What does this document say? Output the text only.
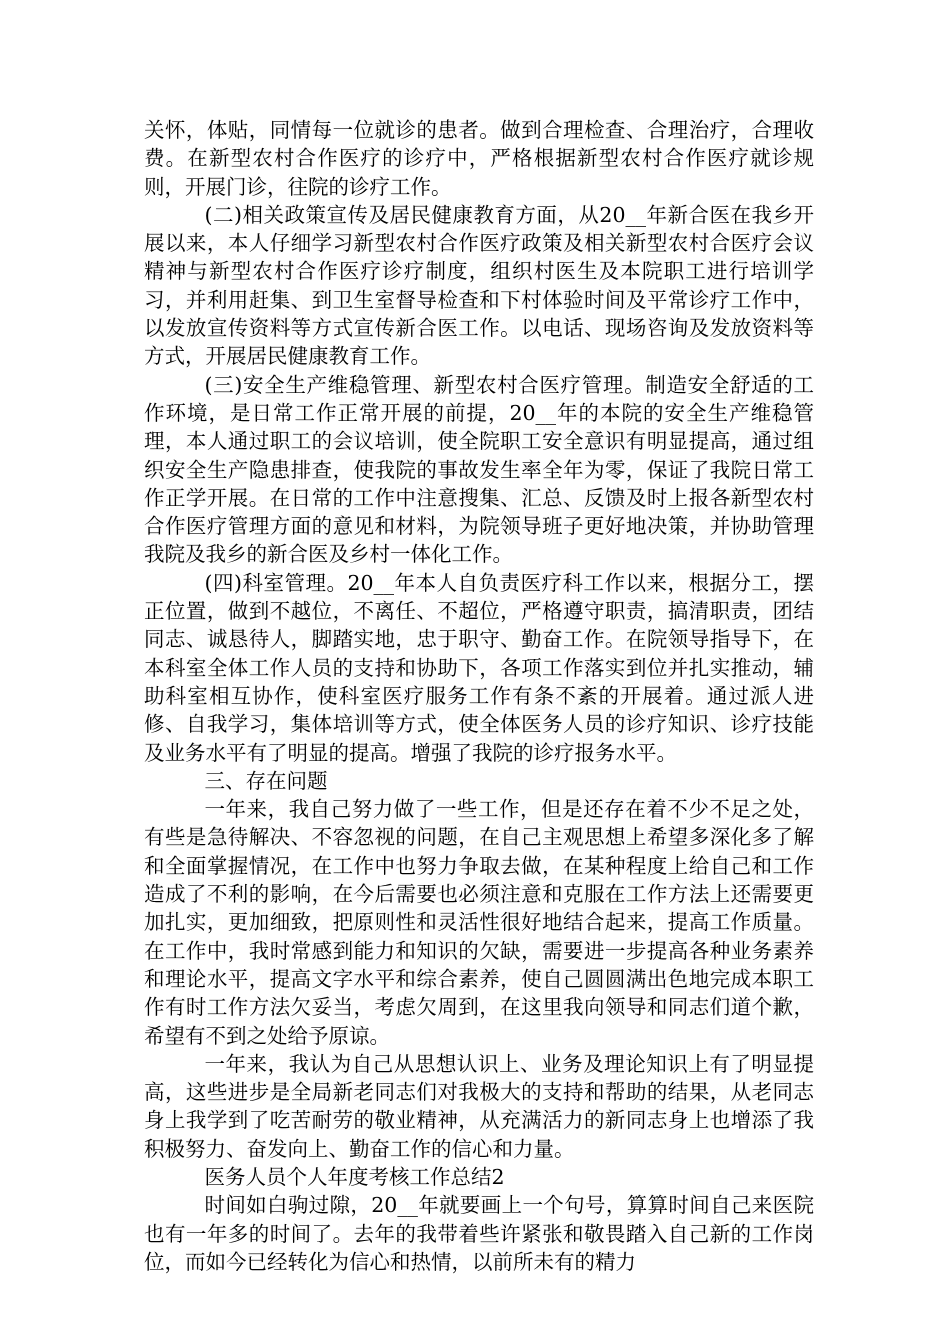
关怀，体贴，同情每一位就诊的患者。做到合理检查、合理治疗，合理收费。在新型农村合作医疗的诊疗中，严格根据新型农村合作医疗就诊规则，开展门诊，往院的诊疗工作。

(二)相关政策宣传及居民健康教育方面，从20__年新合医在我乡开展以来，本人仔细学习新型农村合作医疗政策及相关新型农村合医疗会议精神与新型农村合作医疗诊疗制度，组织村医生及本院职工进行培训学习，并利用赶集、到卫生室督导检查和下村体验时间及平常诊疗工作中，以发放宣传资料等方式宣传新合医工作。以电话、现场咨询及发放资料等方式，开展居民健康教育工作。

(三)安全生产维稳管理、新型农村合医疗管理。制造安全舒适的工作环境，是日常工作正常开展的前提，20__年的本院的安全生产维稳管理，本人通过职工的会议培训，使全院职工安全意识有明显提高，通过组织安全生产隐患排查，使我院的事故发生率全年为零，保证了我院日常工作正学开展。在日常的工作中注意搜集、汇总、反馈及时上报各新型农村合作医疗管理方面的意见和材料，为院领导班子更好地决策，并协助管理我院及我乡的新合医及乡村一体化工作。

(四)科室管理。20__年本人自负责医疗科工作以来，根据分工，摆正位置，做到不越位，不离任、不超位，严格遵守职责，搞清职责，团结同志、诚恳待人，脚踏实地，忠于职守、勤奋工作。在院领导指导下，在本科室全体工作人员的支持和协助下，各项工作落实到位并扎实推动，辅助科室相互协作，使科室医疗服务工作有条不紊的开展着。通过派人进修、自我学习，集体培训等方式，使全体医务人员的诊疗知识、诊疗技能及业务水平有了明显的提高。增强了我院的诊疗报务水平。

三、存在问题

一年来，我自己努力做了一些工作，但是还存在着不少不足之处，有些是急待解决、不容忽视的问题，在自己主观思想上希望多深化多了解和全面掌握情况，在工作中也努力争取去做，在某种程度上给自己和工作造成了不利的影响，在今后需要也必须注意和克服在工作方法上还需要更加扎实，更加细致，把原则性和灵活性很好地结合起来，提高工作质量。在工作中，我时常感到能力和知识的欠缺，需要进一步提高各种业务素养和理论水平，提高文字水平和综合素养，使自己圆圆满出色地完成本职工作有时工作方法欠妥当，考虑欠周到，在这里我向领导和同志们道个歉，希望有不到之处给予原谅。

一年来，我认为自己从思想认识上、业务及理论知识上有了明显提高，这些进步是全局新老同志们对我极大的支持和帮助的结果，从老同志身上我学到了吃苦耐劳的敬业精神，从充满活力的新同志身上也增添了我积极努力、奋发向上、勤奋工作的信心和力量。

医务人员个人年度考核工作总结2

时间如白驹过隙，20__年就要画上一个句号，算算时间自己来医院也有一年多的时间了。去年的我带着些许紧张和敬畏踏入自己新的工作岗位，而如今已经转化为信心和热情，以前所未有的精力
